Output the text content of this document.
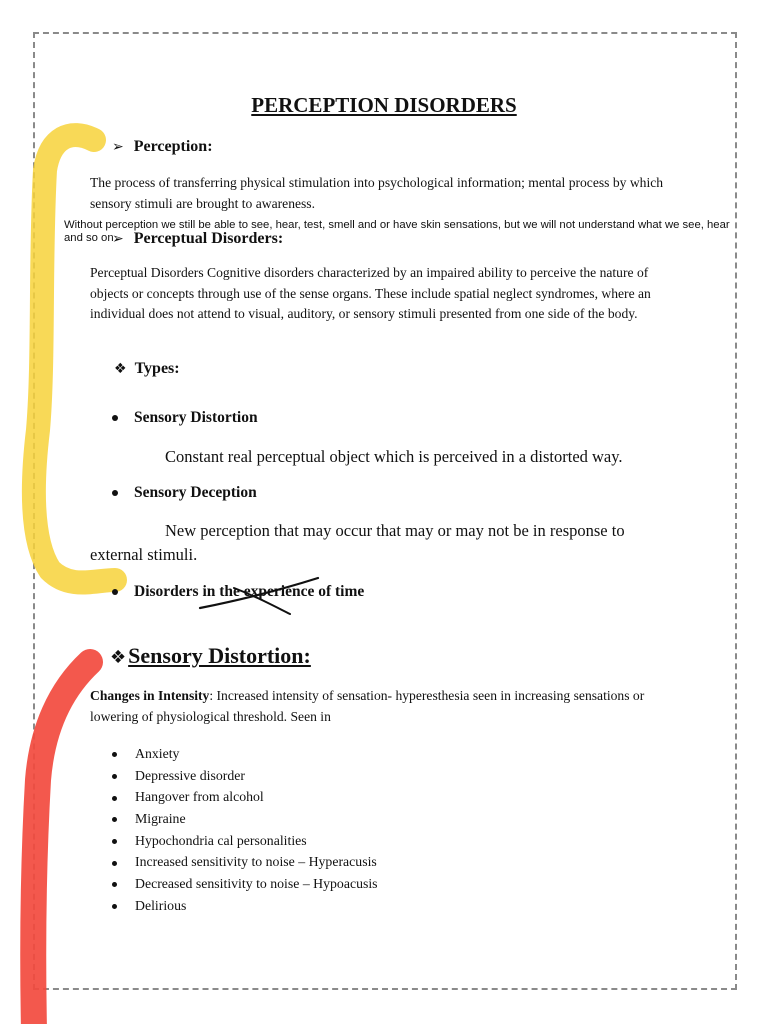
PERCEPTION DISORDERS
➢ Perception:

The process of transferring physical stimulation into psychological information; mental process by which sensory stimuli are brought to awareness.

Without perception we still be able to see, hear, test, smell and or have skin sensations, but we will not understand what we see, hear and so on

➢ Perceptual Disorders:

Perceptual Disorders Cognitive disorders characterized by an impaired ability to perceive the nature of objects or concepts through use of the sense organs. These include spatial neglect syndromes, where an individual does not attend to visual, auditory, or sensory stimuli presented from one side of the body.

❖ Types:
Sensory Distortion

Constant real perceptual object which is perceived in a distorted way.

Sensory Deception

New perception that may occur that may or may not be in response to

external stimuli.

Disorders in the experience of time
❖Sensory Distortion:

Changes in Intensity: Increased intensity of sensation- hyperesthesia seen in increasing sensations or lowering of physiological threshold. Seen in

Anxiety
Depressive disorder
Hangover from alcohol
Migraine
Hypochondria cal personalities
Increased sensitivity to noise – Hyperacusis
Decreased sensitivity to noise – Hypoacusis
Delirious
